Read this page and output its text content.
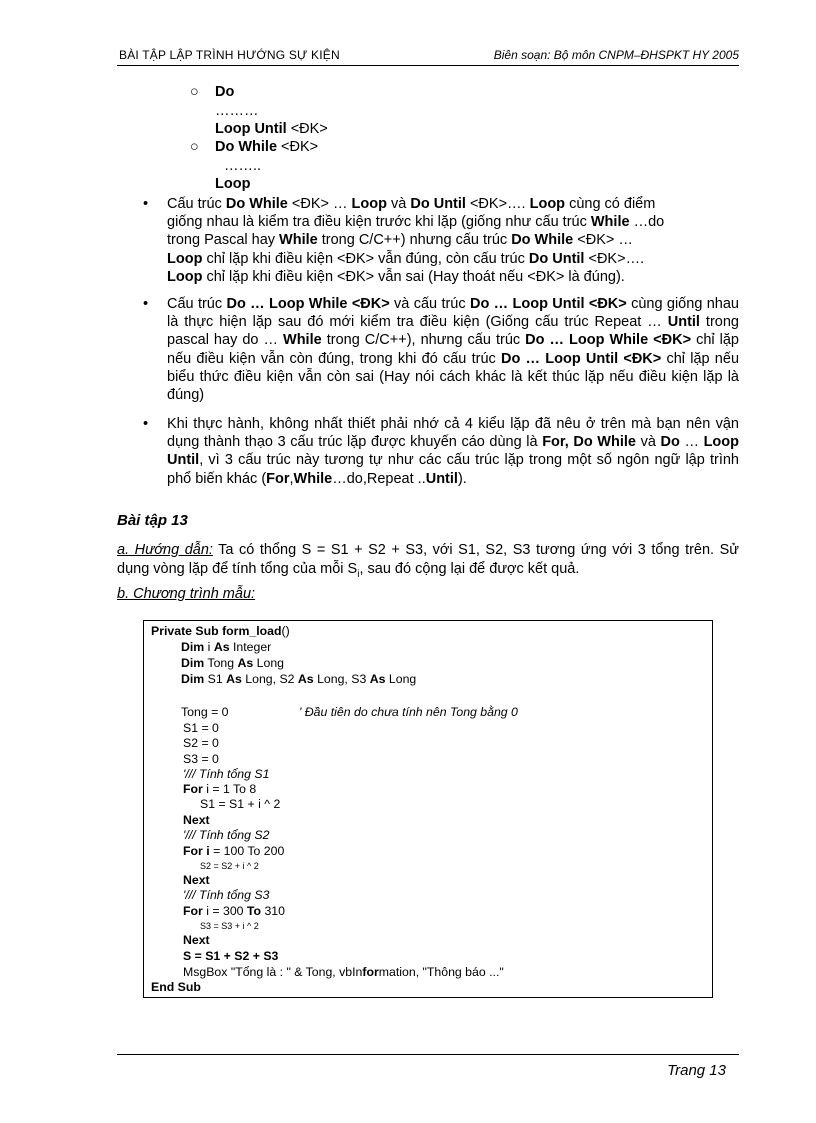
BÀI TẬP LẬP TRÌNH HƯỚNG SỰ KIỆN	Biên soạn: Bộ môn CNPM–ĐHSPKT HY 2005
○	Do
………
Loop Until <ĐK>
○	Do While <ĐK>
……..
Loop
• Cấu trúc Do While <ĐK> … Loop và Do Until <ĐK>…. Loop cùng có điểm
giống nhau là kiểm tra điều kiện trước khi lặp (giống như cấu trúc While …do
trong Pascal hay While trong C/C++) nhưng cấu trúc Do While <ĐK> …
Loop chỉ lặp khi điều kiện <ĐK> vẫn đúng, còn cấu trúc Do Until <ĐK>….
Loop chỉ lặp khi điều kiện <ĐK> vẫn sai (Hay thoát nếu <ĐK> là đúng).
• Cấu trúc Do … Loop While <ĐK> và cấu trúc Do … Loop Until <ĐK> cùng giống nhau là thực hiện lặp sau đó mới kiểm tra điều kiện (Giống cấu trúc Repeat … Until trong pascal hay do … While trong C/C++), nhưng cấu trúc Do … Loop While <ĐK> chỉ lặp nếu điều kiện vẫn còn đúng, trong khi đó cấu trúc Do … Loop Until <ĐK> chỉ lặp nếu biểu thức điều kiện vẫn còn sai (Hay nói cách khác là kết thúc lặp nếu điều kiện lặp là đúng)
• Khi thực hành, không nhất thiết phải nhớ cả 4 kiểu lặp đã nêu ở trên mà bạn nên vận dụng thành thạo 3 cấu trúc lặp được khuyến cáo dùng là For, Do While và Do … Loop Until, vì 3 cấu trúc này tương tự như các cấu trúc lặp trong một số ngôn ngữ lập trình phổ biến khác (For,While…do,Repeat ..Until).
Bài tập 13
a. Hướng dẫn: Ta có thổng S = S1 + S2 + S3, với S1, S2, S3 tương ứng với 3 tổng trên. Sử dụng vòng lặp để tính tổng của mỗi $S_i$, sau đó cộng lại để được kết quả.
b. Chương trình mẫu:
Private Sub form_load()
Dim i As Integer
Dim Tong As Long
Dim S1 As Long, S2 As Long, S3 As Long
Tong = 0	' Đầu tiên do chưa tính nên Tong bằng 0
S1 = 0
S2 = 0
S3 = 0
'/// Tính tổng S1
For i = 1 To 8
S1 = S1 + i ^ 2
Next
'/// Tính tổng S2
For i = 100 To 200
S2 = S2 + i ^ 2
Next
'/// Tính tổng S3
For i = 300 To 310
S3 = S3 + i ^ 2
Next
S = S1 + S2 + S3
MsgBox "Tổng là : " & Tong, vbInformation, "Thông báo ..."
End Sub
Trang 13
